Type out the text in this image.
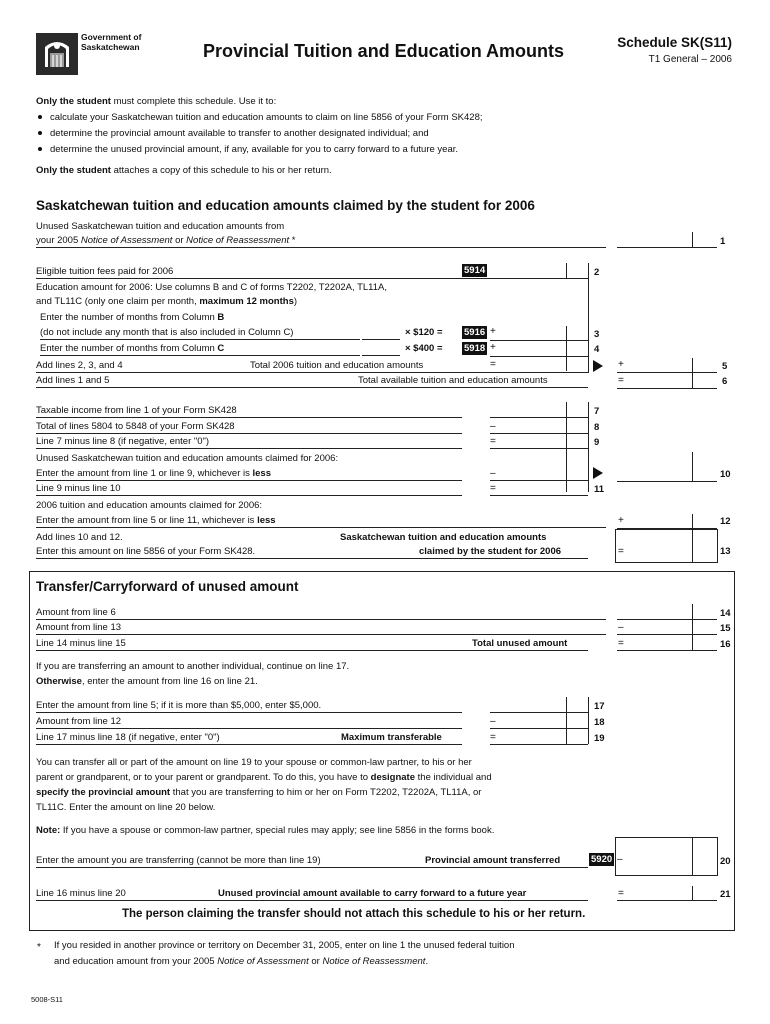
Government of
Saskatchewan	Provincial Tuition and Education Amounts	Schedule SK(S11)
T1 General – 2006
Only the student must complete this schedule. Use it to:
calculate your Saskatchewan tuition and education amounts to claim on line 5856 of your Form SK428;
determine the provincial amount available to transfer to another designated individual; and
determine the unused provincial amount, if any, available for you to carry forward to a future year.
Only the student attaches a copy of this schedule to his or her return.
Saskatchewan tuition and education amounts claimed by the student for 2006
Unused Saskatchewan tuition and education amounts from
your 2005 Notice of Assessment or Notice of Reassessment *	1
Eligible tuition fees paid for 2006	5914	2
Education amount for 2006: Use columns B and C of forms T2202, T2202A, TL11A,
and TL11C (only one claim per month, maximum 12 months)
Enter the number of months from Column B
(do not include any month that is also included in Column C)	× $120 = 5916 +	3
Enter the number of months from Column C	× $400 = 5918 +	4
Add lines 2, 3, and 4	Total 2006 tuition and education amounts	=	+	5
Add lines 1 and 5	Total available tuition and education amounts	=	6
Taxable income from line 1 of your Form SK428	7
Total of lines 5804 to 5848 of your Form SK428	–	8
Line 7 minus line 8 (if negative, enter "0")	=	9
Unused Saskatchewan tuition and education amounts claimed for 2006:
Enter the amount from line 1 or line 9, whichever is less	–	10
Line 9 minus line 10	=	11
2006 tuition and education amounts claimed for 2006:
Enter the amount from line 5 or line 11, whichever is less	+	12
Add lines 10 and 12.
Enter this amount on line 5856 of your Form SK428.
Saskatchewan tuition and education amounts
claimed by the student for 2006	=	13
Transfer/Carryforward of unused amount
Amount from line 6	14
Amount from line 13	–	15
Line 14 minus line 15	Total unused amount	=	16
If you are transferring an amount to another individual, continue on line 17.
Otherwise, enter the amount from line 16 on line 21.
Enter the amount from line 5; if it is more than $5,000, enter $5,000.	17
Amount from line 12	–	18
Line 17 minus line 18 (if negative, enter "0")	Maximum transferable	=	19
You can transfer all or part of the amount on line 19 to your spouse or common-law partner, to his or her
parent or grandparent, or to your parent or grandparent. To do this, you have to designate the individual and
specify the provincial amount that you are transferring to him or her on Form T2202, T2202A, TL11A, or
TL11C. Enter the amount on line 20 below.
Note: If you have a spouse or common-law partner, special rules may apply; see line 5856 in the forms book.
Enter the amount you are transferring (cannot be more than line 19)	Provincial amount transferred	5920 –	20
Line 16 minus line 20	Unused provincial amount available to carry forward to a future year	=	21
The person claiming the transfer should not attach this schedule to his or her return.
* If you resided in another province or territory on December 31, 2005, enter on line 1 the unused federal tuition
and education amount from your 2005 Notice of Assessment or Notice of Reassessment.
5008-S11
